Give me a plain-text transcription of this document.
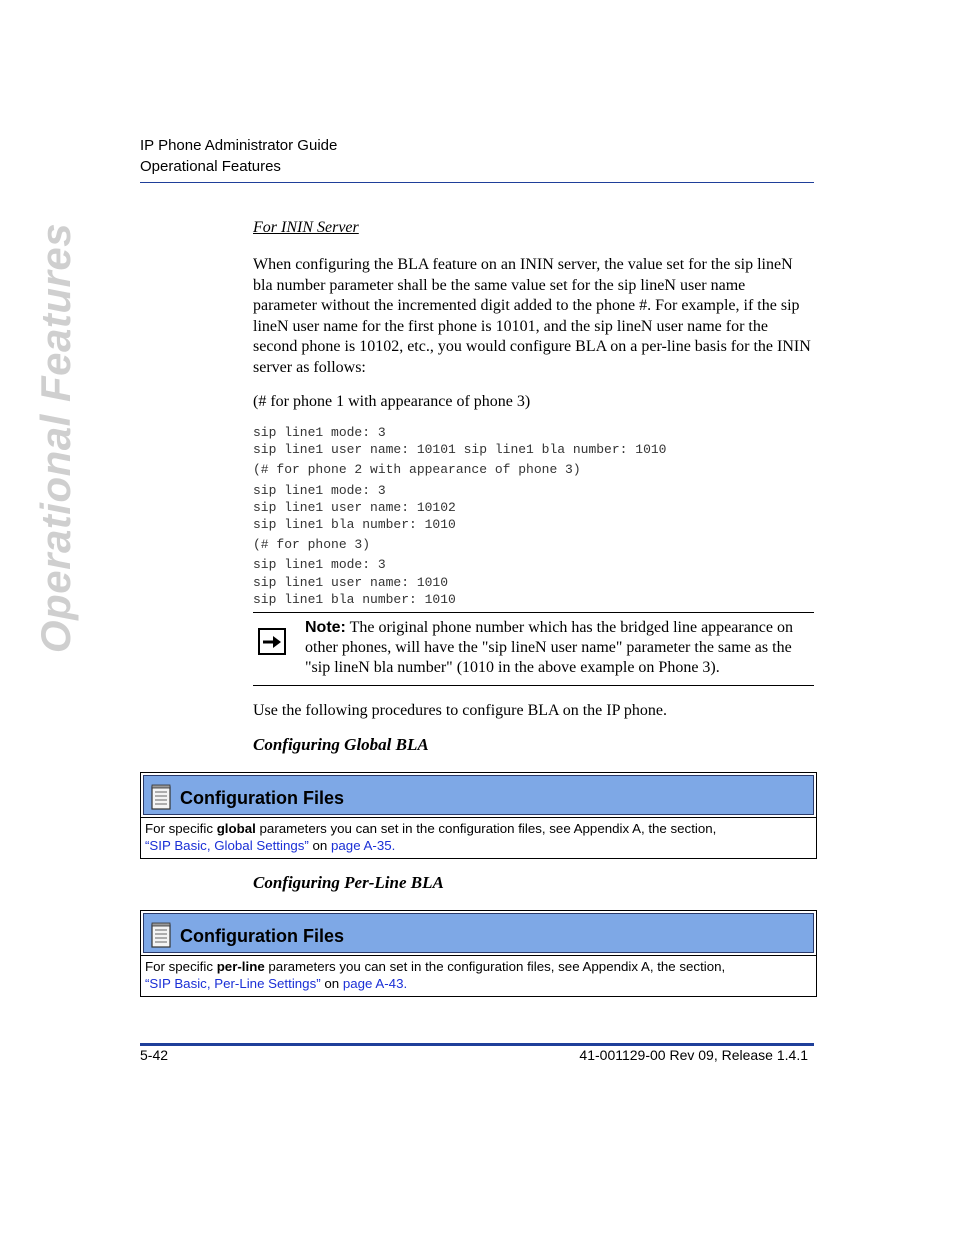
IP Phone Administrator Guide
Operational Features
Operational Features	For ININ Server
When configuring the BLA feature on an ININ server, the value set for the sip lineN bla number parameter shall be the same value set for the sip lineN user name parameter without the incremented digit added to the phone #. For example, if the sip lineN user name for the first phone is 10101, and the sip lineN user name for the second phone is 10102, etc., you would configure BLA on a per-line basis for the ININ server as follows:
(# for phone 1 with appearance of phone 3)
sip line1 mode: 3
sip line1 user name: 10101 sip line1 bla number: 1010
(# for phone 2 with appearance of phone 3)
sip line1 mode: 3
sip line1 user name: 10102
sip line1 bla number: 1010
(# for phone 3)
sip line1 mode: 3
sip line1 user name: 1010
sip line1 bla number: 1010
Note: The original phone number which has the bridged line appearance on other phones, will have the "sip lineN user name" parameter the same as the "sip lineN bla number" (1010 in the above example on Phone 3).
Use the following procedures to configure BLA on the IP phone.
Configuring Global BLA
Configuration Files
For specific global parameters you can set in the configuration files, see Appendix A, the section,
“SIP Basic, Global Settings” on page A-35.
Configuring Per-Line BLA
Configuration Files
For specific per-line parameters you can set in the configuration files, see Appendix A, the section,
“SIP Basic, Per-Line Settings” on page A-43.
5-42	41-001129-00 Rev 09, Release 1.4.1
